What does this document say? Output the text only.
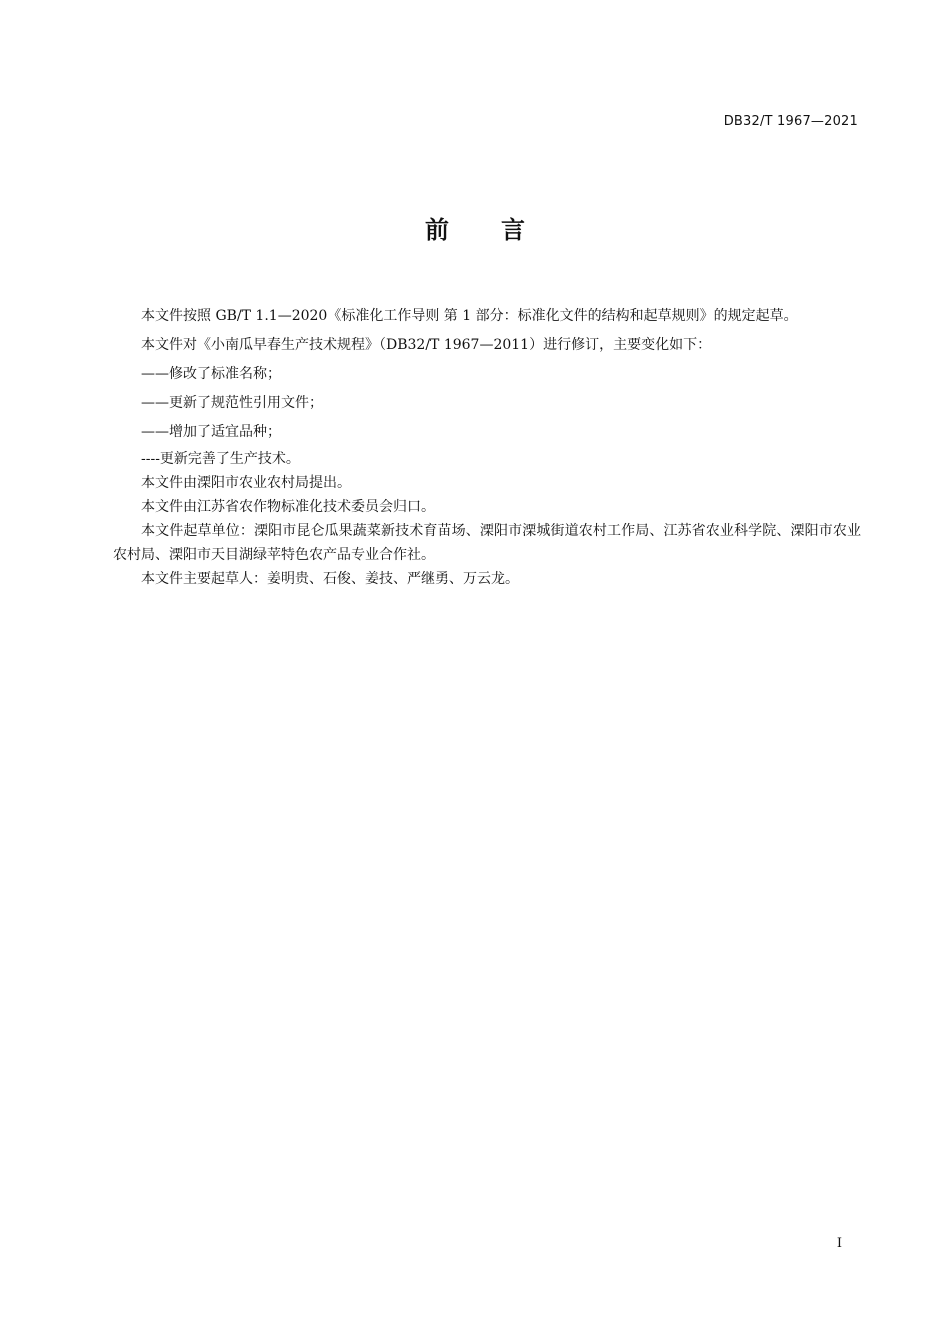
DB32/T 1967—2021
前言

本文件按照 GB/T 1.1—2020《标准化工作导则 第 1 部分：标准化文件的结构和起草规则》的规定起草。

本文件对《小南瓜早春生产技术规程》（DB32/T 1967—2011）进行修订，主要变化如下：

——修改了标准名称；

——更新了规范性引用文件；

——增加了适宜品种；

----更新完善了生产技术。

本文件由溧阳市农业农村局提出。

本文件由江苏省农作物标准化技术委员会归口。

本文件起草单位：溧阳市昆仑瓜果蔬菜新技术育苗场、溧阳市溧城街道农村工作局、江苏省农业科学院、溧阳市农业农村局、溧阳市天目湖绿苹特色农产品专业合作社。

本文件主要起草人：姜明贵、石俊、姜技、严继勇、万云龙。

I
